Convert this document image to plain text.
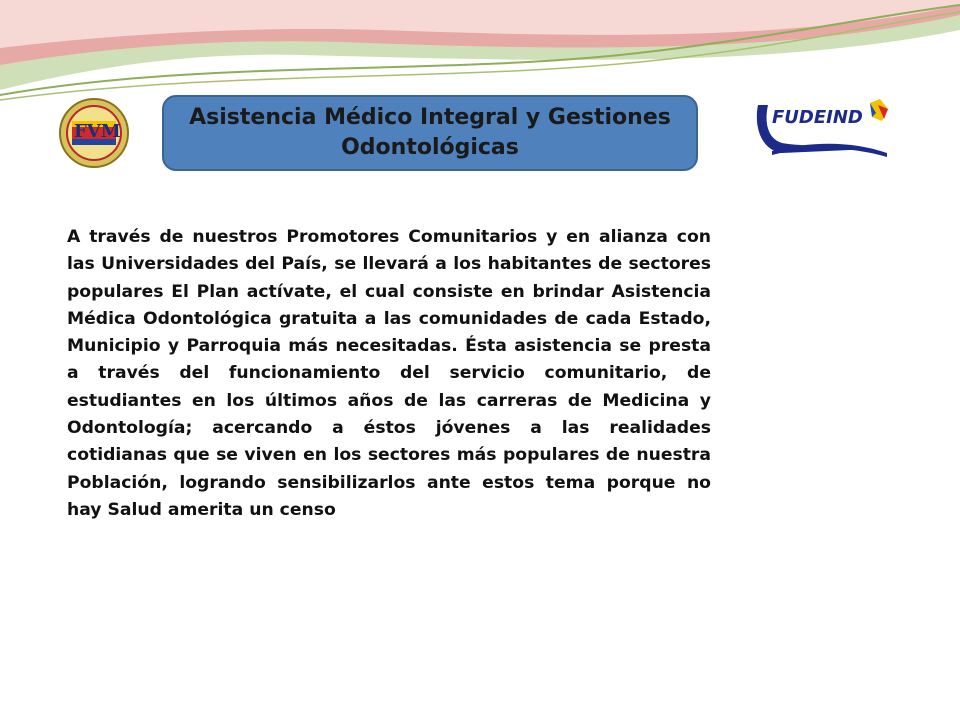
FVM
FUDEIND
Asistencia Médico Integral y Gestiones Odontológicas

A través de nuestros Promotores Comunitarios y en alianza con las Universidades del País, se llevará a los habitantes de sectores populares El Plan actívate, el cual consiste en brindar Asistencia Médica Odontológica gratuita a las comunidades de cada Estado, Municipio y Parroquia más necesitadas. Ésta asistencia se presta a través del funcionamiento del servicio comunitario, de estudiantes en los últimos años de las carreras de Medicina y Odontología; acercando a éstos jóvenes a las realidades cotidianas que se viven en los sectores más populares de nuestra Población, logrando sensibilizarlos ante estos tema porque no hay Salud amerita un censo
